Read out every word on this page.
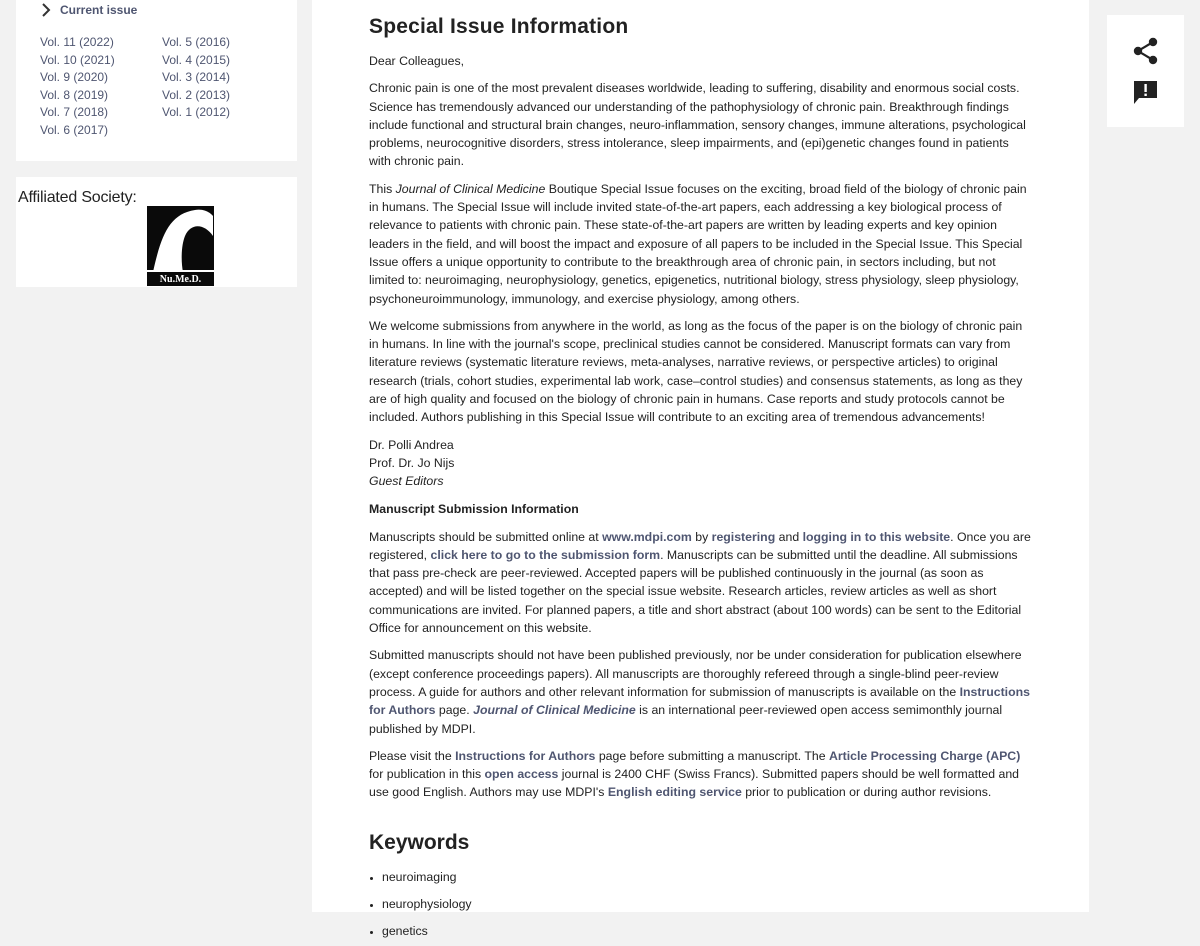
Current issue
Vol. 11 (2022)
Vol. 10 (2021)
Vol. 9 (2020)
Vol. 8 (2019)
Vol. 7 (2018)
Vol. 6 (2017)
Vol. 5 (2016)
Vol. 4 (2015)
Vol. 3 (2014)
Vol. 2 (2013)
Vol. 1 (2012)
Affiliated Society:
Nu.Me.D.
Special Issue Information

Dear Colleagues,

Chronic pain is one of the most prevalent diseases worldwide, leading to suffering, disability and enormous social costs. Science has tremendously advanced our understanding of the pathophysiology of chronic pain. Breakthrough findings include functional and structural brain changes, neuro-inflammation, sensory changes, immune alterations, psychological problems, neurocognitive disorders, stress intolerance, sleep impairments, and (epi)genetic changes found in patients with chronic pain.

This Journal of Clinical Medicine Boutique Special Issue focuses on the exciting, broad field of the biology of chronic pain in humans. The Special Issue will include invited state-of-the-art papers, each addressing a key biological process of relevance to patients with chronic pain. These state-of-the-art papers are written by leading experts and key opinion leaders in the field, and will boost the impact and exposure of all papers to be included in the Special Issue. This Special Issue offers a unique opportunity to contribute to the breakthrough area of chronic pain, in sectors including, but not limited to: neuroimaging, neurophysiology, genetics, epigenetics, nutritional biology, stress physiology, sleep physiology, psychoneuroimmunology, immunology, and exercise physiology, among others.

We welcome submissions from anywhere in the world, as long as the focus of the paper is on the biology of chronic pain in humans. In line with the journal's scope, preclinical studies cannot be considered. Manuscript formats can vary from literature reviews (systematic literature reviews, meta-analyses, narrative reviews, or perspective articles) to original research (trials, cohort studies, experimental lab work, case–control studies) and consensus statements, as long as they are of high quality and focused on the biology of chronic pain in humans. Case reports and study protocols cannot be included. Authors publishing in this Special Issue will contribute to an exciting area of tremendous advancements!

Dr. Polli Andrea
Prof. Dr. Jo Nijs
Guest Editors

Manuscript Submission Information

Manuscripts should be submitted online at www.mdpi.com by registering and logging in to this website. Once you are registered, click here to go to the submission form. Manuscripts can be submitted until the deadline. All submissions that pass pre-check are peer-reviewed. Accepted papers will be published continuously in the journal (as soon as accepted) and will be listed together on the special issue website. Research articles, review articles as well as short communications are invited. For planned papers, a title and short abstract (about 100 words) can be sent to the Editorial Office for announcement on this website.

Submitted manuscripts should not have been published previously, nor be under consideration for publication elsewhere (except conference proceedings papers). All manuscripts are thoroughly refereed through a single-blind peer-review process. A guide for authors and other relevant information for submission of manuscripts is available on the Instructions for Authors page. Journal of Clinical Medicine is an international peer-reviewed open access semimonthly journal published by MDPI.

Please visit the Instructions for Authors page before submitting a manuscript. The Article Processing Charge (APC) for publication in this open access journal is 2400 CHF (Swiss Francs). Submitted papers should be well formatted and use good English. Authors may use MDPI's English editing service prior to publication or during author revisions.

Keywords
• neuroimaging
• neurophysiology
• genetics
